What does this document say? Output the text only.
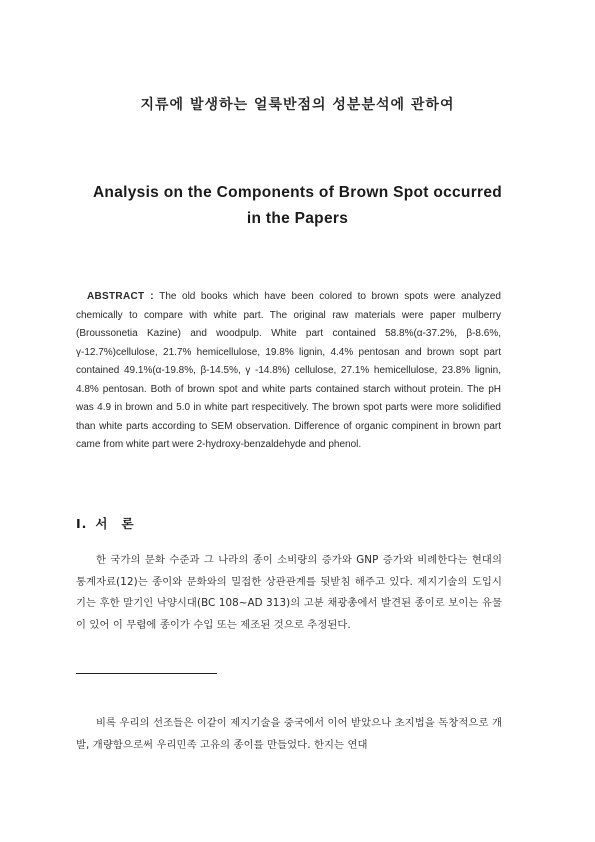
지류에 발생하는 얼룩반점의 성분분석에 관하여
Analysis on the Components of Brown Spot occurred
in the Papers
ABSTRACT : The old books which have been colored to brown spots were analyzed chemically to compare with white part. The original raw materials were paper mulberry (Broussonetia Kazine) and woodpulp. White part contained 58.8%(α-37.2%, β-8.6%, γ-12.7%)cellulose, 21.7% hemicellulose, 19.8% lignin, 4.4% pentosan and brown sopt part contained 49.1%(α-19.8%, β-14.5%, γ -14.8%) cellulose, 27.1% hemicellulose, 23.8% lignin, 4.8% pentosan. Both of brown spot and white parts contained starch without protein. The pH was 4.9 in brown and 5.0 in white part respecitively. The brown spot parts were more solidified than white parts according to SEM observation. Difference of organic compinent in brown part came from white part were 2-hydroxy-benzaldehyde and phenol.
I. 서론
한 국가의 문화 수준과 그 나라의 종이 소비량의 증가와 GNP 증가와 비례한다는 현대의 통계자료(12)는 종이와 문화와의 밀접한 상관관계를 뒷받침 해주고 있다. 제지기술의 도입시기는 후한 말기인 낙양시대(BC 108~AD 313)의 고분 채광총에서 발견된 종이로 보이는 유물이 있어 이 무렵에 종이가 수입 또는 제조된 것으로 추정된다.
비록 우리의 선조들은 이같이 제지기술을 중국에서 이어 받았으나 초지법을 독창적으로 개발, 개량함으로써 우리민족 고유의 종이를 만들었다. 한지는 연대
